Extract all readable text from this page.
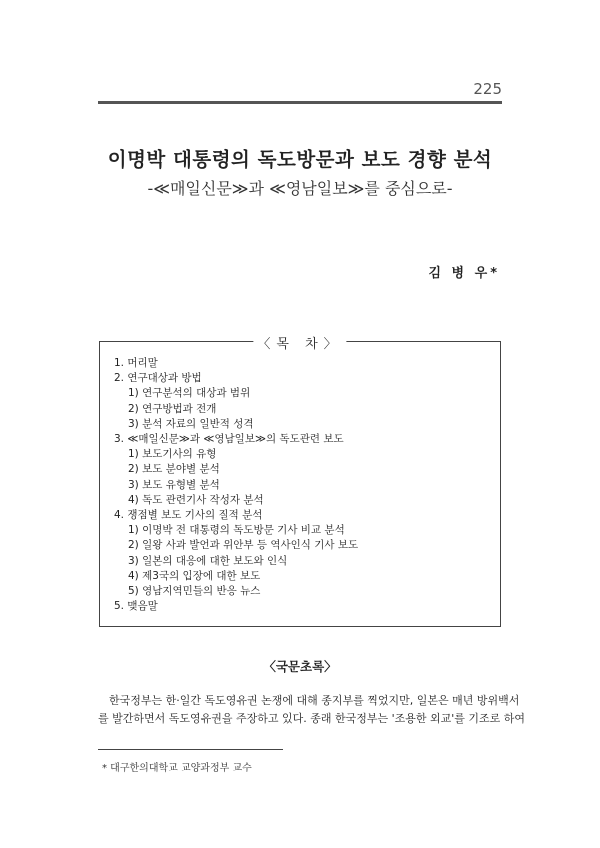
225
이명박 대통령의 독도방문과 보도 경향 분석
-≪매일신문≫과 ≪영남일보≫를 중심으로-
김 병 우*
〈목 차〉
1. 머리말
2. 연구대상과 방법
1) 연구분석의 대상과 범위
2) 연구방법과 전개
3) 분석 자료의 일반적 성격
3. ≪매일신문≫과 ≪영남일보≫의 독도관련 보도
1) 보도기사의 유형
2) 보도 분야별 분석
3) 보도 유형별 분석
4) 독도 관련기사 작성자 분석
4. 쟁점별 보도 기사의 질적 분석
1) 이명박 전 대통령의 독도방문 기사 비교 분석
2) 일왕 사과 발언과 위안부 등 역사인식 기사 보도
3) 일본의 대응에 대한 보도와 인식
4) 제3국의 입장에 대한 보도
5) 영남지역민들의 반응 뉴스
5. 맺음말
〈국문초록〉
한국정부는 한·일간 독도영유권 논쟁에 대해 종지부를 찍었지만, 일본은 매년 방위백서
를 발간하면서 독도영유권을 주장하고 있다. 종래 한국정부는 '조용한 외교'를 기조로 하여
* 대구한의대학교 교양과정부 교수
